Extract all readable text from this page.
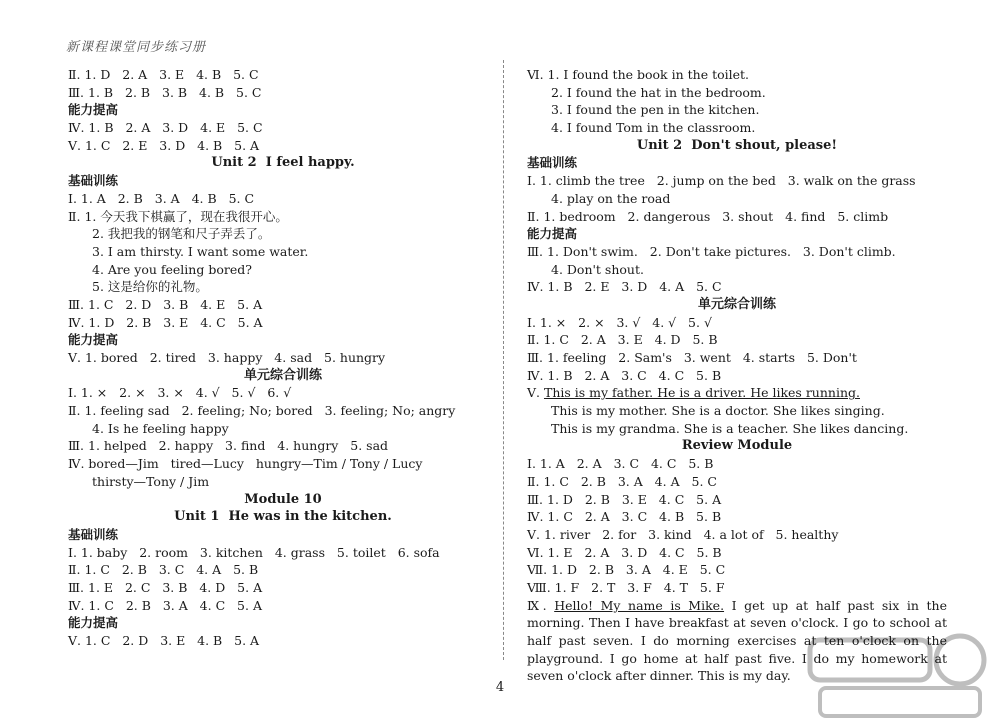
新课程课堂同步练习册
Ⅱ. 1. D   2. A   3. E   4. B   5. C
Ⅲ. 1. B   2. B   3. B   4. B   5. C
能力提高
Ⅳ. 1. B   2. A   3. D   4. E   5. C
Ⅴ. 1. C   2. E   3. D   4. B   5. A
Unit 2  I feel happy.
基础训练
Ⅰ. 1. A   2. B   3. A   4. B   5. C
Ⅱ. 1. 今天我下棋赢了，现在我很开心。
2. 我把我的钢笔和尺子弄丢了。
3. I am thirsty. I want some water.
4. Are you feeling bored?
5. 这是给你的礼物。
Ⅲ. 1. C   2. D   3. B   4. E   5. A
Ⅳ. 1. D   2. B   3. E   4. C   5. A
能力提高
Ⅴ. 1. bored   2. tired   3. happy   4. sad   5. hungry
单元综合训练
Ⅰ. 1. ×   2. ×   3. ×   4. √   5. √   6. √
Ⅱ. 1. feeling sad   2. feeling; No; bored   3. feeling; No; angry
4. Is he feeling happy
Ⅲ. 1. helped   2. happy   3. find   4. hungry   5. sad
Ⅳ. bored—Jim   tired—Lucy   hungry—Tim / Tony / Lucy
thirsty—Tony / Jim
Module 10
Unit 1  He was in the kitchen.
基础训练
Ⅰ. 1. baby   2. room   3. kitchen   4. grass   5. toilet   6. sofa
Ⅱ. 1. C   2. B   3. C   4. A   5. B
Ⅲ. 1. E   2. C   3. B   4. D   5. A
Ⅳ. 1. C   2. B   3. A   4. C   5. A
能力提高
Ⅴ. 1. C   2. D   3. E   4. B   5. A
Ⅵ. 1. I found the book in the toilet.
2. I found the hat in the bedroom.
3. I found the pen in the kitchen.
4. I found Tom in the classroom.
Unit 2  Don't shout, please!
基础训练
Ⅰ. 1. climb the tree   2. jump on the bed   3. walk on the grass
4. play on the road
Ⅱ. 1. bedroom   2. dangerous   3. shout   4. find   5. climb
能力提高
Ⅲ. 1. Don't swim.   2. Don't take pictures.   3. Don't climb.
4. Don't shout.
Ⅳ. 1. B   2. E   3. D   4. A   5. C
单元综合训练
Ⅰ. 1. ×   2. ×   3. √   4. √   5. √
Ⅱ. 1. C   2. A   3. E   4. D   5. B
Ⅲ. 1. feeling   2. Sam's   3. went   4. starts   5. Don't
Ⅳ. 1. B   2. A   3. C   4. C   5. B
Ⅴ. This is my father. He is a driver. He likes running.
This is my mother. She is a doctor. She likes singing.
This is my grandma. She is a teacher. She likes dancing.
Review Module
Ⅰ. 1. A   2. A   3. C   4. C   5. B
Ⅱ. 1. C   2. B   3. A   4. A   5. C
Ⅲ. 1. D   2. B   3. E   4. C   5. A
Ⅳ. 1. C   2. A   3. C   4. B   5. B
Ⅴ. 1. river   2. for   3. kind   4. a lot of   5. healthy
Ⅵ. 1. E   2. A   3. D   4. C   5. B
Ⅶ. 1. D   2. B   3. A   4. E   5. C
Ⅷ. 1. F   2. T   3. F   4. T   5. F
Ⅸ. Hello! My name is Mike. I get up at half past six in the morning. Then I have breakfast at seven o'clock. I go to school at half past seven. I do morning exercises at ten o'clock on the playground. I go home at half past five. I do my homework at seven o'clock after dinner. This is my day.
4
